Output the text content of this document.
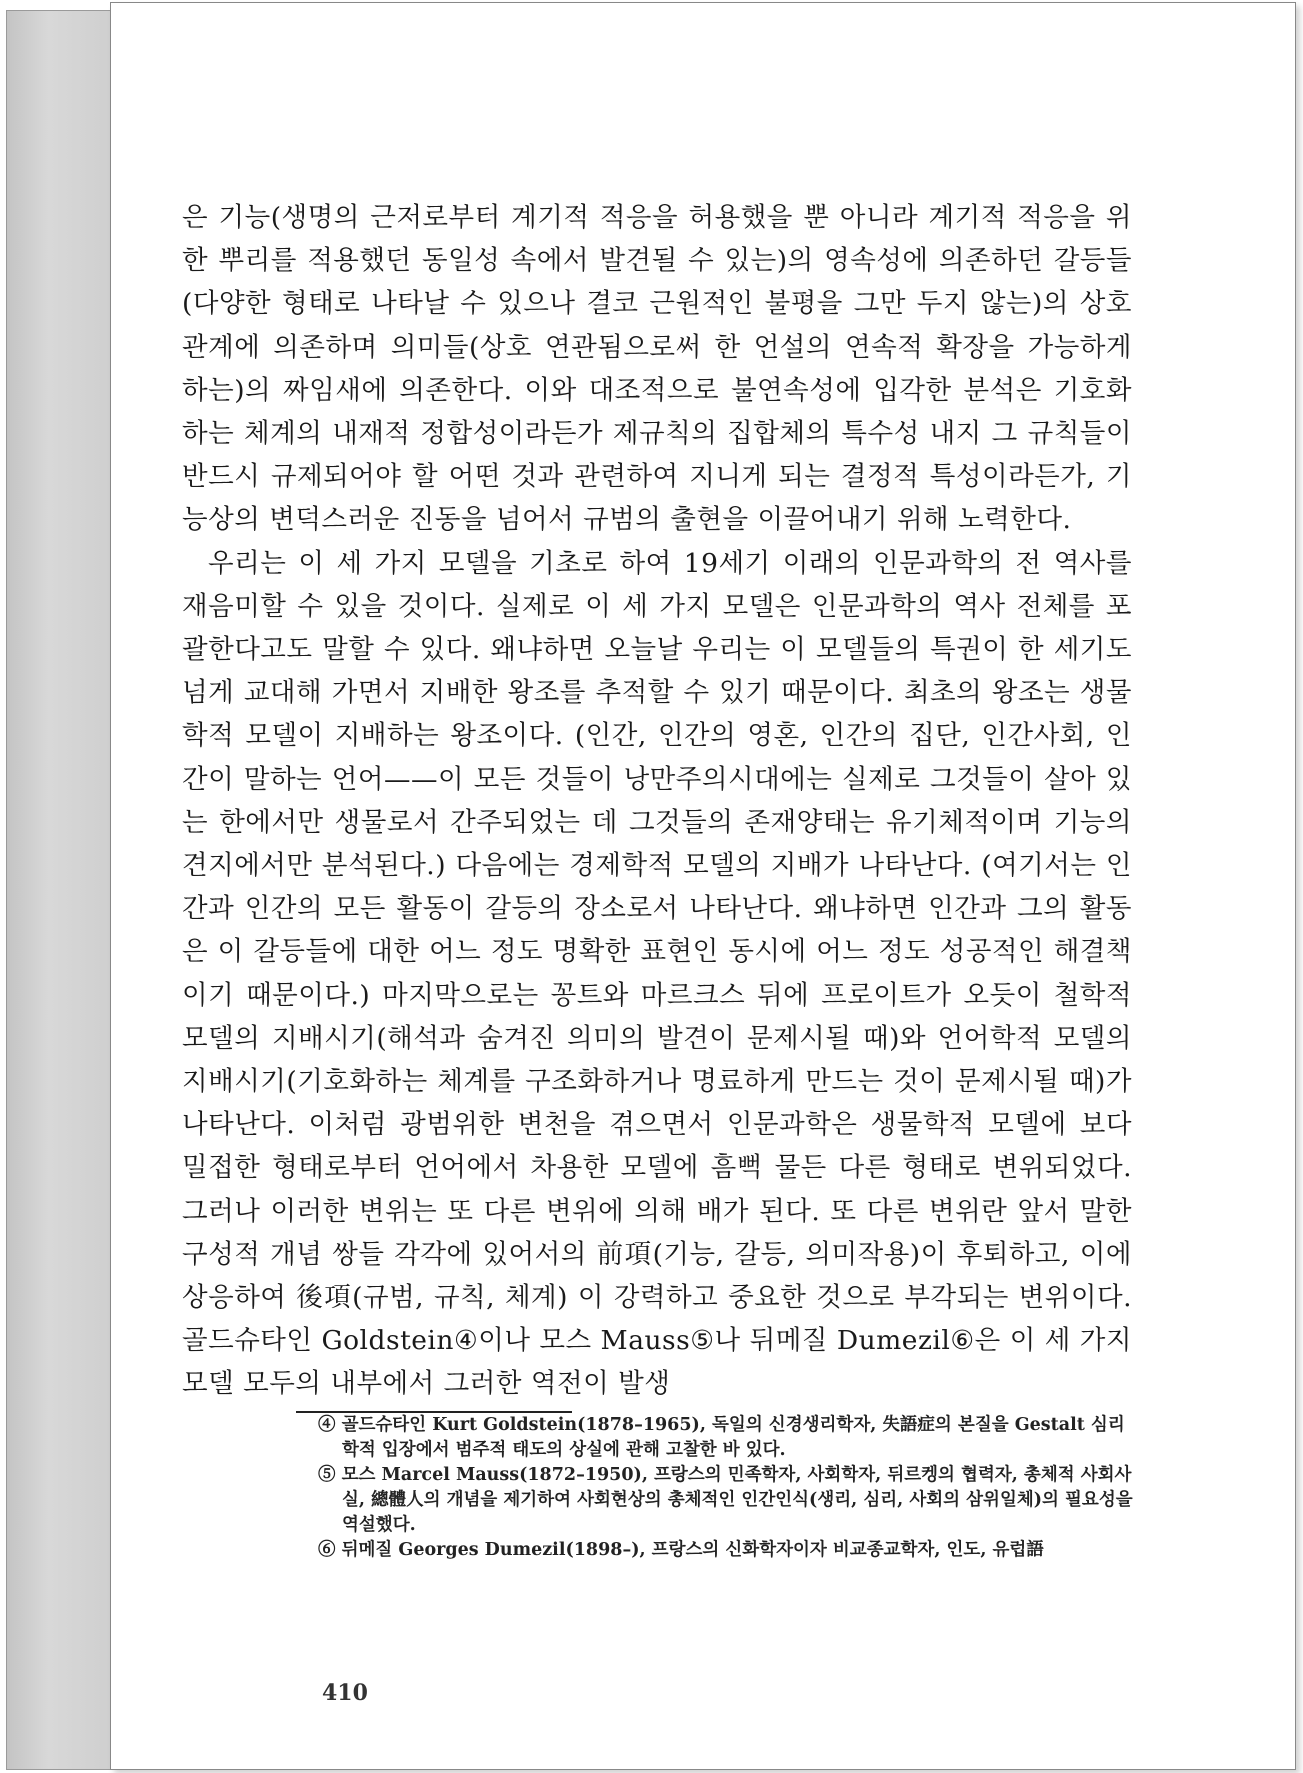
은 기능(생명의 근저로부터 계기적 적응을 허용했을 뿐 아니라 계기적 적응을 위한 뿌리를 적용했던 동일성 속에서 발견될 수 있는)의 영속성에 의존하던 갈등들(다양한 형태로 나타날 수 있으나 결코 근원적인 불평을 그만 두지 않는)의 상호관계에 의존하며 의미들(상호 연관됨으로써 한 언설의 연속적 확장을 가능하게 하는)의 짜임새에 의존한다. 이와 대조적으로 불연속성에 입각한 분석은 기호화하는 체계의 내재적 정합성이라든가 제규칙의 집합체의 특수성 내지 그 규칙들이 반드시 규제되어야 할 어떤 것과 관련하여 지니게 되는 결정적 특성이라든가, 기능상의 변덕스러운 진동을 넘어서 규범의 출현을 이끌어내기 위해 노력한다.

우리는 이 세 가지 모델을 기초로 하여 19세기 이래의 인문과학의 전 역사를 재음미할 수 있을 것이다. 실제로 이 세 가지 모델은 인문과학의 역사 전체를 포괄한다고도 말할 수 있다. 왜냐하면 오늘날 우리는 이 모델들의 특권이 한 세기도 넘게 교대해 가면서 지배한 왕조를 추적할 수 있기 때문이다. 최초의 왕조는 생물학적 모델이 지배하는 왕조이다. (인간, 인간의 영혼, 인간의 집단, 인간사회, 인간이 말하는 언어——이 모든 것들이 낭만주의시대에는 실제로 그것들이 살아 있는 한에서만 생물로서 간주되었는 데 그것들의 존재양태는 유기체적이며 기능의 견지에서만 분석된다.) 다음에는 경제학적 모델의 지배가 나타난다. (여기서는 인간과 인간의 모든 활동이 갈등의 장소로서 나타난다. 왜냐하면 인간과 그의 활동은 이 갈등들에 대한 어느 정도 명확한 표현인 동시에 어느 정도 성공적인 해결책이기 때문이다.) 마지막으로는 꽁트와 마르크스 뒤에 프로이트가 오듯이 철학적 모델의 지배시기(해석과 숨겨진 의미의 발견이 문제시될 때)와 언어학적 모델의 지배시기(기호화하는 체계를 구조화하거나 명료하게 만드는 것이 문제시될 때)가 나타난다. 이처럼 광범위한 변천을 겪으면서 인문과학은 생물학적 모델에 보다 밀접한 형태로부터 언어에서 차용한 모델에 흠뻑 물든 다른 형태로 변위되었다. 그러나 이러한 변위는 또 다른 변위에 의해 배가 된다. 또 다른 변위란 앞서 말한 구성적 개념 쌍들 각각에 있어서의 前項(기능, 갈등, 의미작용)이 후퇴하고, 이에 상응하여 後項(규범, 규칙, 체계) 이 강력하고 중요한 것으로 부각되는 변위이다. 골드슈타인 Goldstein④이나 모스 Mauss⑤나 뒤메질 Dumezil⑥은 이 세 가지 모델 모두의 내부에서 그러한 역전이 발생

④ 골드슈타인 Kurt Goldstein(1878–1965), 독일의 신경생리학자, 失語症의 본질을 Gestalt 심리학적 입장에서 범주적 태도의 상실에 관해 고찰한 바 있다.

⑤ 모스 Marcel Mauss(1872–1950), 프랑스의 민족학자, 사회학자, 뒤르켕의 협력자, 총체적 사회사실, 總體人의 개념을 제기하여 사회현상의 총체적인 인간인식(생리, 심리, 사회의 삼위일체)의 필요성을 역설했다.

⑥ 뒤메질 Georges Dumezil(1898–), 프랑스의 신화학자이자 비교종교학자, 인도, 유럽語

410
